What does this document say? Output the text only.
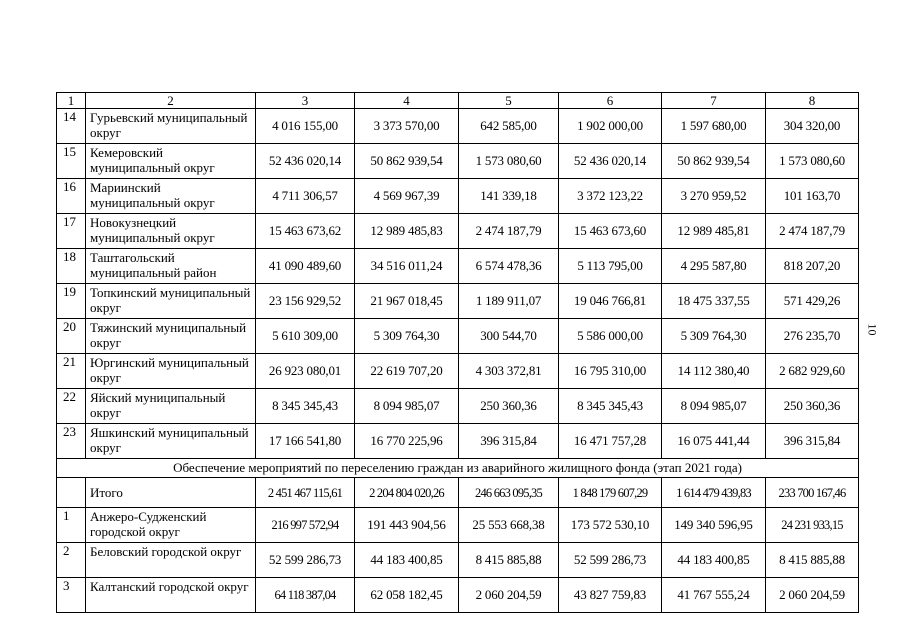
1	2	3	4	5	6	7	8
14	Гурьевский муниципальный округ	4 016 155,00	3 373 570,00	642 585,00	1 902 000,00	1 597 680,00	304 320,00
15	Кемеровский муниципальный округ	52 436 020,14	50 862 939,54	1 573 080,60	52 436 020,14	50 862 939,54	1 573 080,60
16	Мариинский муниципальный округ	4 711 306,57	4 569 967,39	141 339,18	3 372 123,22	3 270 959,52	101 163,70
17	Новокузнецкий муниципальный округ	15 463 673,62	12 989 485,83	2 474 187,79	15 463 673,60	12 989 485,81	2 474 187,79
18	Таштагольский муниципальный район	41 090 489,60	34 516 011,24	6 574 478,36	5 113 795,00	4 295 587,80	818 207,20
19	Топкинский муниципальный округ	23 156 929,52	21 967 018,45	1 189 911,07	19 046 766,81	18 475 337,55	571 429,26
20	Тяжинский муниципальный округ	5 610 309,00	5 309 764,30	300 544,70	5 586 000,00	5 309 764,30	276 235,70
21	Юргинский муниципальный округ	26 923 080,01	22 619 707,20	4 303 372,81	16 795 310,00	14 112 380,40	2 682 929,60
22	Яйский муниципальный округ	8 345 345,43	8 094 985,07	250 360,36	8 345 345,43	8 094 985,07	250 360,36
23	Яшкинский муниципальный округ	17 166 541,80	16 770 225,96	396 315,84	16 471 757,28	16 075 441,44	396 315,84
Обеспечение мероприятий по переселению граждан из аварийного жилищного фонда (этап 2021 года)							
	Итого	2 451 467 115,61	2 204 804 020,26	246 663 095,35	1 848 179 607,29	1 614 479 439,83	233 700 167,46
1	Анжеро-Судженский городской округ	216 997 572,94	191 443 904,56	25 553 668,38	173 572 530,10	149 340 596,95	24 231 933,15
2	Беловский городской округ	52 599 286,73	44 183 400,85	8 415 885,88	52 599 286,73	44 183 400,85	8 415 885,88
3	Калтанский городской округ	64 118 387,04	62 058 182,45	2 060 204,59	43 827 759,83	41 767 555,24	2 060 204,59
10
